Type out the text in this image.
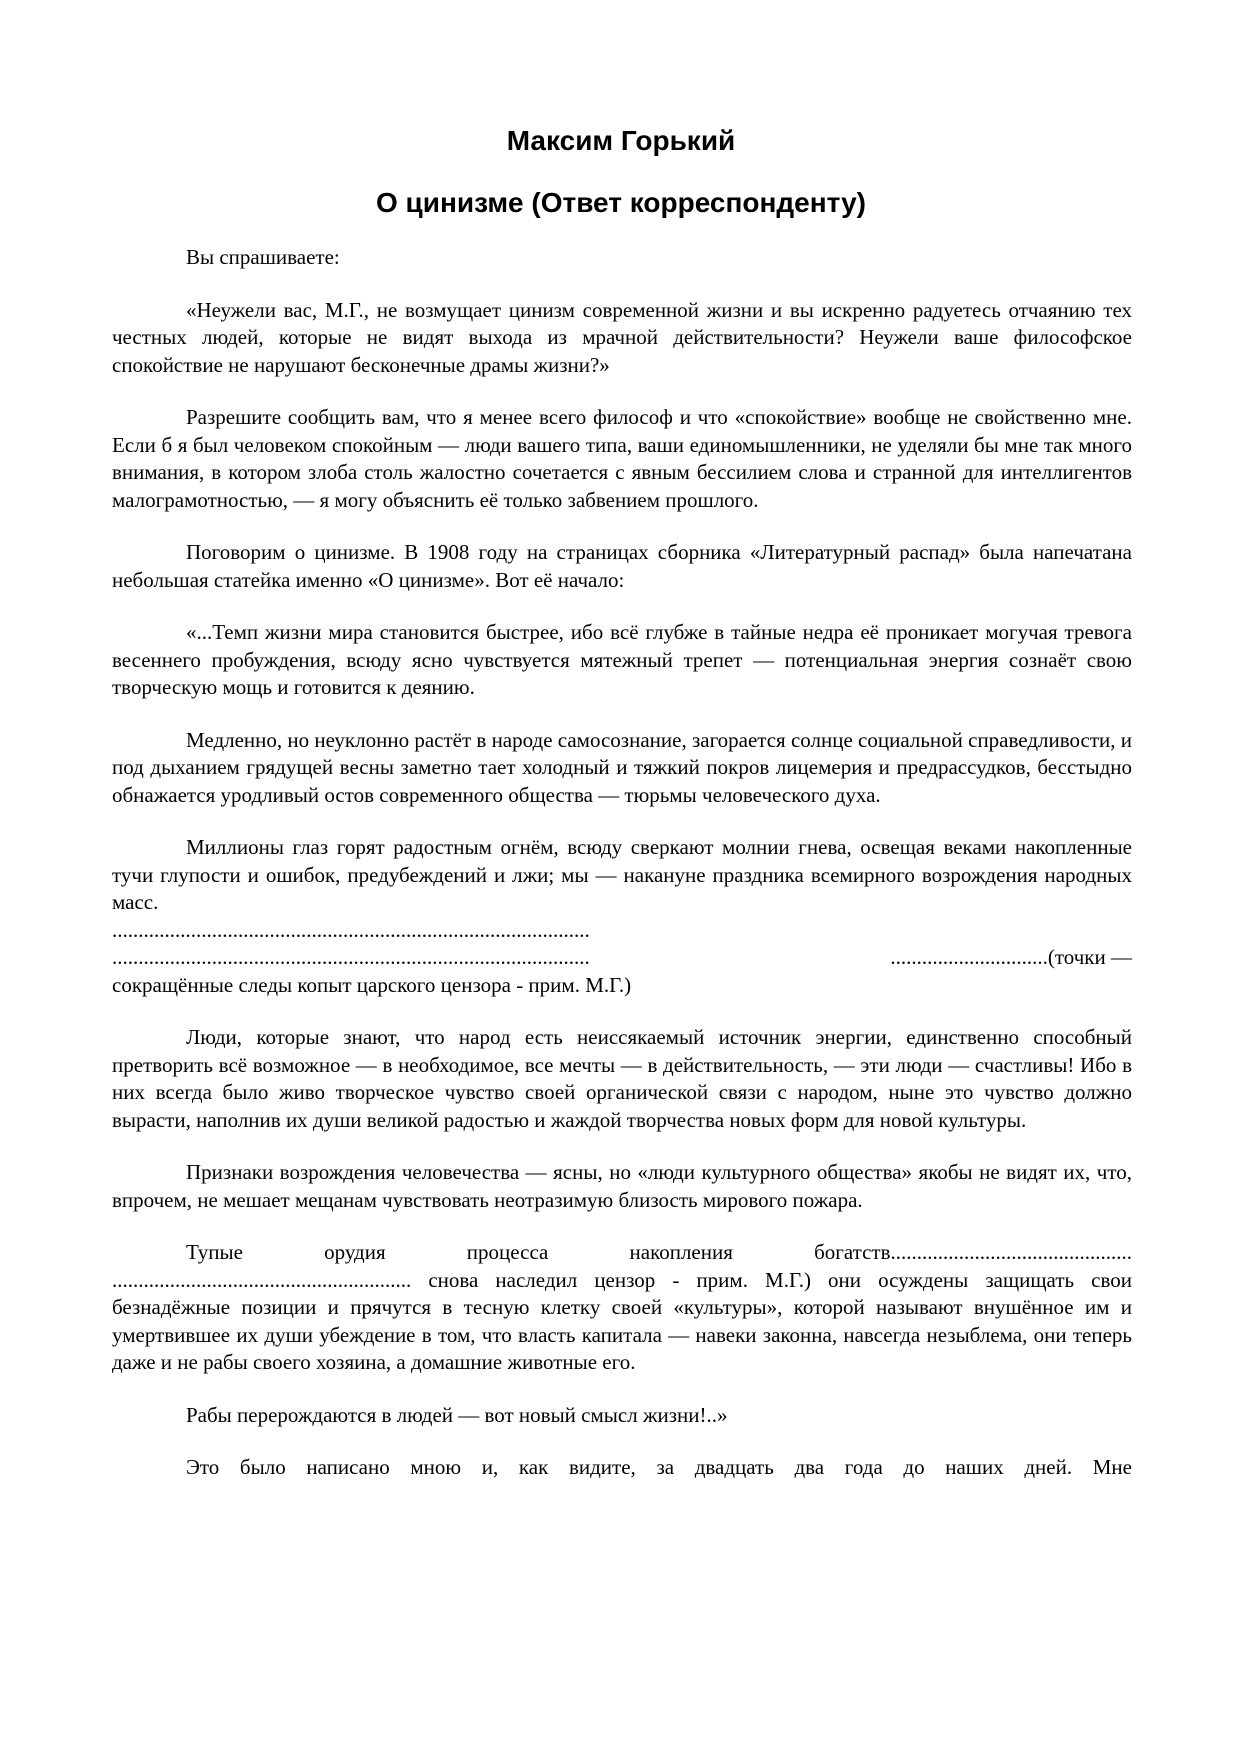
Максим Горький
О цинизме (Ответ корреспонденту)

Вы спрашиваете:

«Неужели вас, М.Г., не возмущает цинизм современной жизни и вы искренно радуетесь отчаянию тех честных людей, которые не видят выхода из мрачной действительности? Неужели ваше философское спокойствие не нарушают бесконечные драмы жизни?»

Разрешите сообщить вам, что я менее всего философ и что «спокойствие» вообще не свойственно мне. Если б я был человеком спокойным — люди вашего типа, ваши единомышленники, не уделяли бы мне так много внимания, в котором злоба столь жалостно сочетается с явным бессилием слова и странной для интеллигентов малограмотностью, — я могу объяснить её только забвением прошлого.

Поговорим о цинизме. В 1908 году на страницах сборника «Литературный распад» была напечатана небольшая статейка именно «О цинизме». Вот её начало:

«...Темп жизни мира становится быстрее, ибо всё глубже в тайные недра её проникает могучая тревога весеннего пробуждения, всюду ясно чувствуется мятежный трепет — потенциальная энергия сознаёт свою творческую мощь и готовится к деянию.

Медленно, но неуклонно растёт в народе самосознание, загорается солнце социальной справедливости, и под дыханием грядущей весны заметно тает холодный и тяжкий покров лицемерия и предрассудков, бесстыдно обнажается уродливый остов современного общества — тюрьмы человеческого духа.

Миллионы глаз горят радостным огнём, всюду сверкают молнии гнева, освещая веками накопленные тучи глупости и ошибок, предубеждений и лжи; мы — накануне праздника всемирного возрождения народных масс.

...........................................................................................
...........................................................................................	..............................(точки —
сокращённые следы копыт царского цензора - прим. М.Г.)

Люди, которые знают, что народ есть неиссякаемый источник энергии, единственно способный претворить всё возможное — в необходимое, все мечты — в действительность, — эти люди — счастливы! Ибо в них всегда было живо творческое чувство своей органической связи с народом, ныне это чувство должно вырасти, наполнив их души великой радостью и жаждой творчества новых форм для новой культуры.

Признаки возрождения человечества — ясны, но «люди культурного общества» якобы не видят их, что, впрочем, не мешает мещанам чувствовать неотразимую близость мирового пожара.

Тупые орудия процесса накопления богатств..............................................

......................................................... снова наследил цензор - прим. М.Г.) они осуждены защищать свои безнадёжные позиции и прячутся в тесную клетку своей «культуры», которой называют внушённое им и умертвившее их души убеждение в том, что власть капитала — навеки законна, навсегда незыблема, они теперь даже и не рабы своего хозяина, а домашние животные его.

Рабы перерождаются в людей — вот новый смысл жизни!..»

Это было написано мною и, как видите, за двадцать два года до наших дней. Мне
